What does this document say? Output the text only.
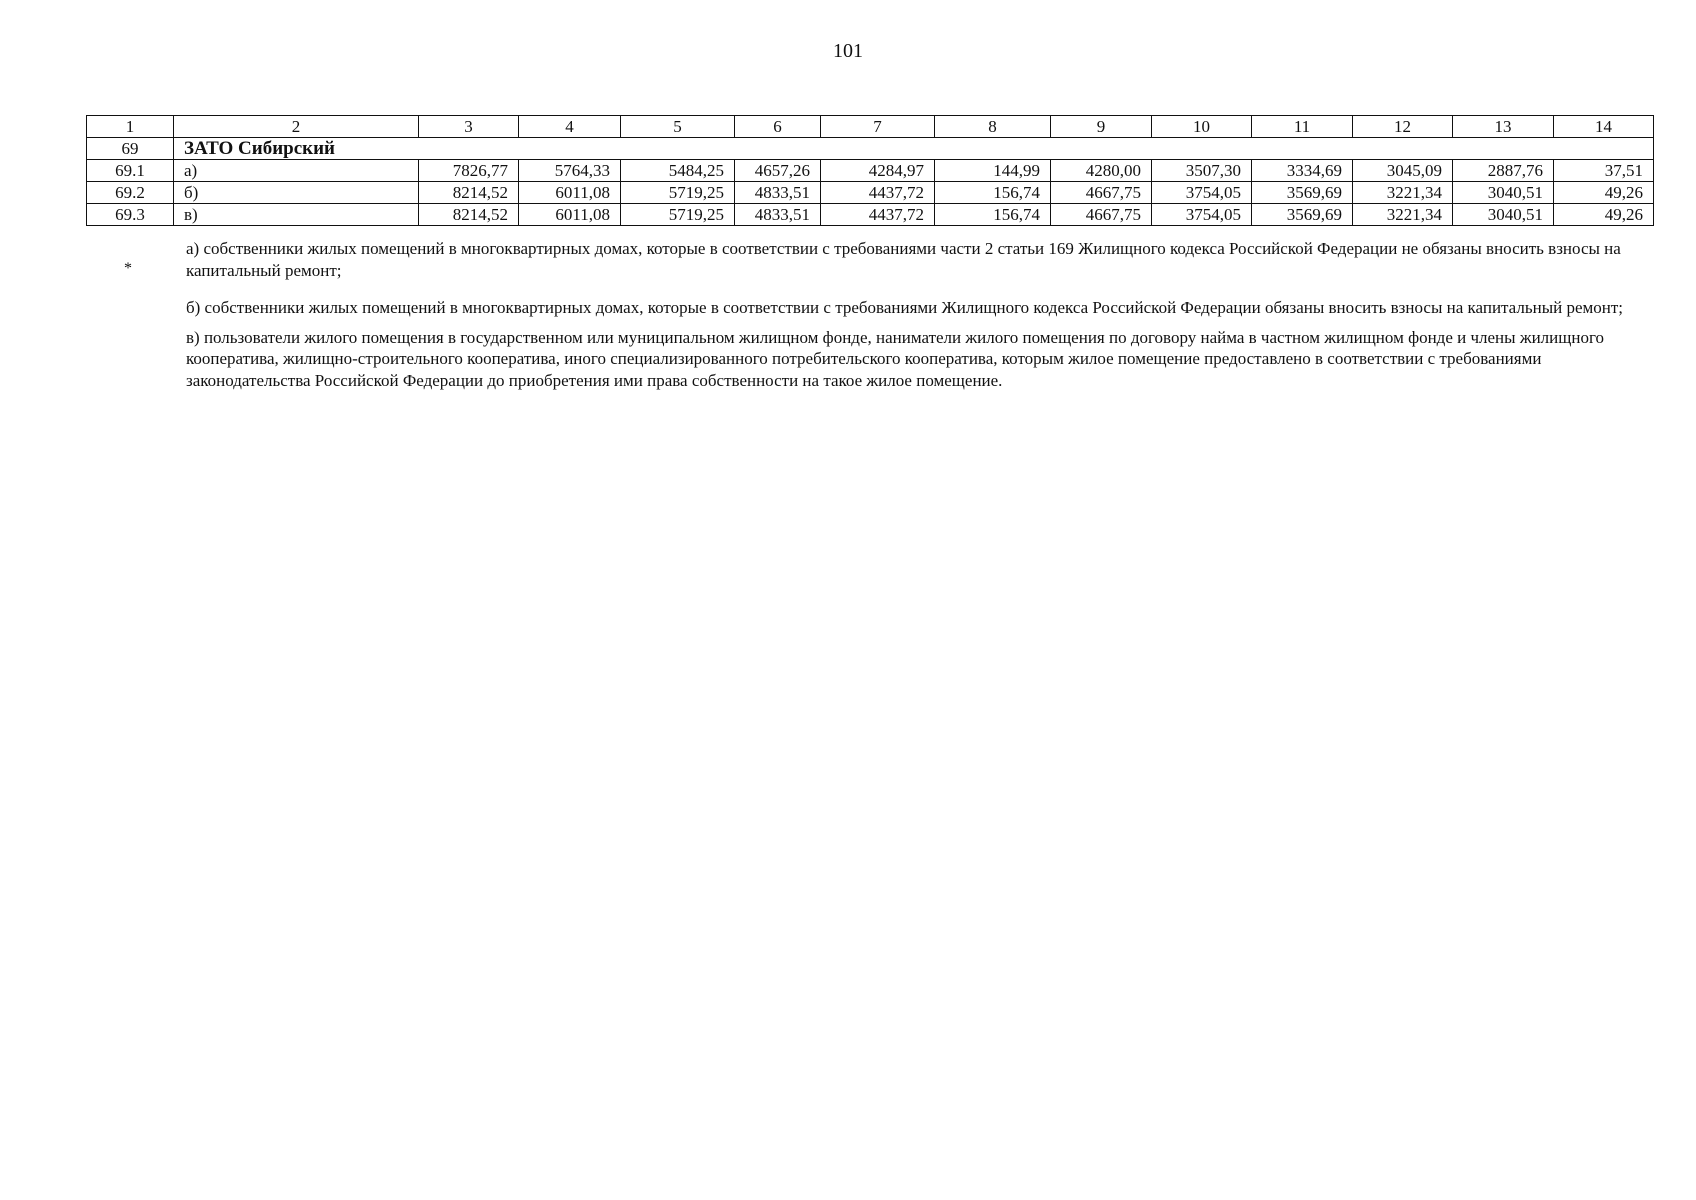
101
1	2	3	4	5	6	7	8	9	10	11	12	13	14
69	ЗАТО Сибирский												
69.1	а)	7826,77	5764,33	5484,25	4657,26	4284,97	144,99	4280,00	3507,30	3334,69	3045,09	2887,76	37,51
69.2	б)	8214,52	6011,08	5719,25	4833,51	4437,72	156,74	4667,75	3754,05	3569,69	3221,34	3040,51	49,26
69.3	в)	8214,52	6011,08	5719,25	4833,51	4437,72	156,74	4667,75	3754,05	3569,69	3221,34	3040,51	49,26
*

а) собственники жилых помещений в многоквартирных домах, которые в соответствии с требованиями части 2 статьи 169 Жилищного кодекса Российской Федерации не обязаны вносить взносы на капитальный ремонт;

б) собственники жилых помещений в многоквартирных домах, которые в соответствии с требованиями Жилищного кодекса Российской Федерации обязаны вносить взносы на капитальный ремонт;

в) пользователи жилого помещения в государственном или муниципальном жилищном фонде, наниматели жилого помещения по договору найма в частном жилищном фонде и члены жилищного кооператива, жилищно-строительного кооператива, иного специализированного потребительского кооператива, которым жилое помещение предоставлено в соответствии с требованиями законодательства Российской Федерации до приобретения ими права собственности на такое жилое помещение.
